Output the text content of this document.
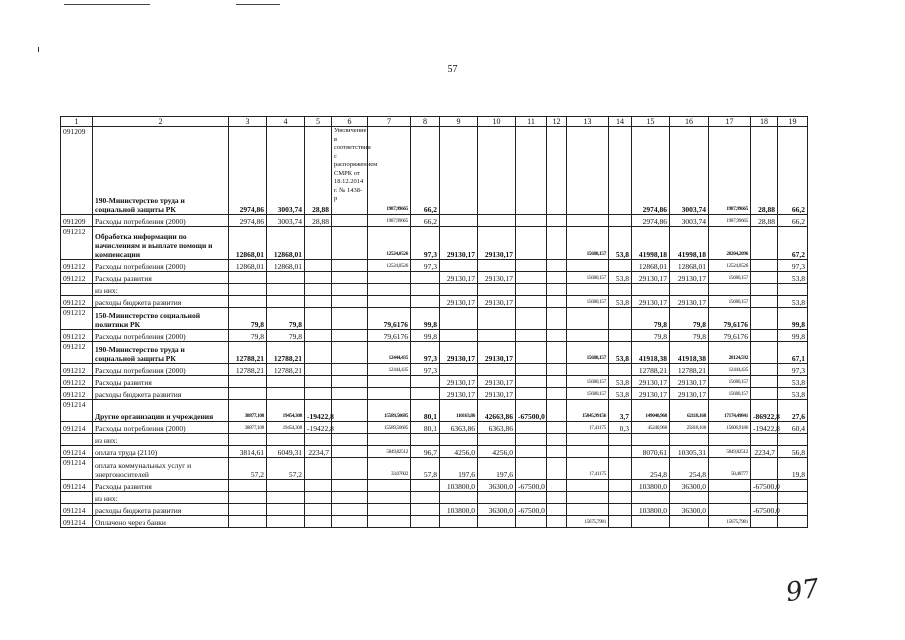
57
1	2	3	4	5	6	7	8	9	10	11	12	13	14	15	16	17	18	19
091209	190-Министерство труда и социальной защиты РК	2974,86	3003,74	28,88	Увеличение в соответствии с распоряжением СМРК от 18.12.2014 г. № 1438-р	1987,99665	66,2							2974,86	3003,74	1987,99665	28,88	66,2
091209	Расходы потребления (2000)	2974,86	3003,74	28,88		1987,99665	66,2							2974,86	3003,74	1987,99665	28,88	66,2
091212	Обработка информации по начислениям и выплате помощи и компенсации	12868,01	12868,01			12524,0526	97,3	29130,17	29130,17			15680,157	53,8	41998,18	41998,18	28204,2096		67,2
091212	Расходы потребления (2000)	12868,01	12868,01			12524,0526	97,3							12868,01	12868,01	12524,0526		97,3
091212	Расходы развития							29130,17	29130,17			15680,157	53,8	29130,17	29130,17	15680,157		53,8
	из них:																	
091212	расходы бюджета развития							29130,17	29130,17			15680,157	53,8	29130,17	29130,17	15680,157		53,8
091212	150-Министерство социальной политики РК	79,8	79,8			79,6176	99,8							79,8	79,8	79,6176		99,8
091212	Расходы потребления (2000)	79,8	79,8			79,6176	99,8							79,8	79,8	79,6176		99,8
091212	190-Министерство труда и социальной защиты РК	12788,21	12788,21			12444,435	97,3	29130,17	29130,17			15680,157	53,8	41918,38	41918,38	28124,592		67,1
091212	Расходы потребления (2000)	12788,21	12788,21			12444,435	97,3							12788,21	12788,21	12444,435		97,3
091212	Расходы развития							29130,17	29130,17			15680,157	53,8	29130,17	29130,17	15680,157		53,8
091212	расходы бюджета развития							29130,17	29130,17			15680,157	53,8	29130,17	29130,17	15680,157		53,8
091214	Другие организации и учреждения	38877,108	19454,308	-19422,8		15589,50685	80,1	110163,86	42663,86	-67500,0		15845,99156	3,7	149040,968	62118,168	17174,49841	-86922,8	27,6
091214	Расходы потребления (2000)	38877,108	19454,308	-19422,8		15589,50685	80,1	6363,86	6363,86			17,41175	0,3	45240,968	25818,168	15606,9186	-19422,8	60,4
	из них:																	
091214	оплата труда (2110)	3814,61	6049,31	2234,7		5849,82512	96,7	4256,0	4256,0					8070,61	10305,31	5849,82512	2234,7	56,8
091214	оплата коммунальных услуг и энергоносителей	57,2	57,2			33,07602	57,8	197,6	197,6			17,41175		254,8	254,8	50,48777		19,8
091214	Расходы развития							103800,0	36300,0	-67500,0				103800,0	36300,0		-67500,0	
	из них:																	
091214	расходы бюджета развития							103800,0	36300,0	-67500,0				103800,0	36300,0		-67500,0	
091214	Оплачено через банки											15675,7981				15675,7981		
97
